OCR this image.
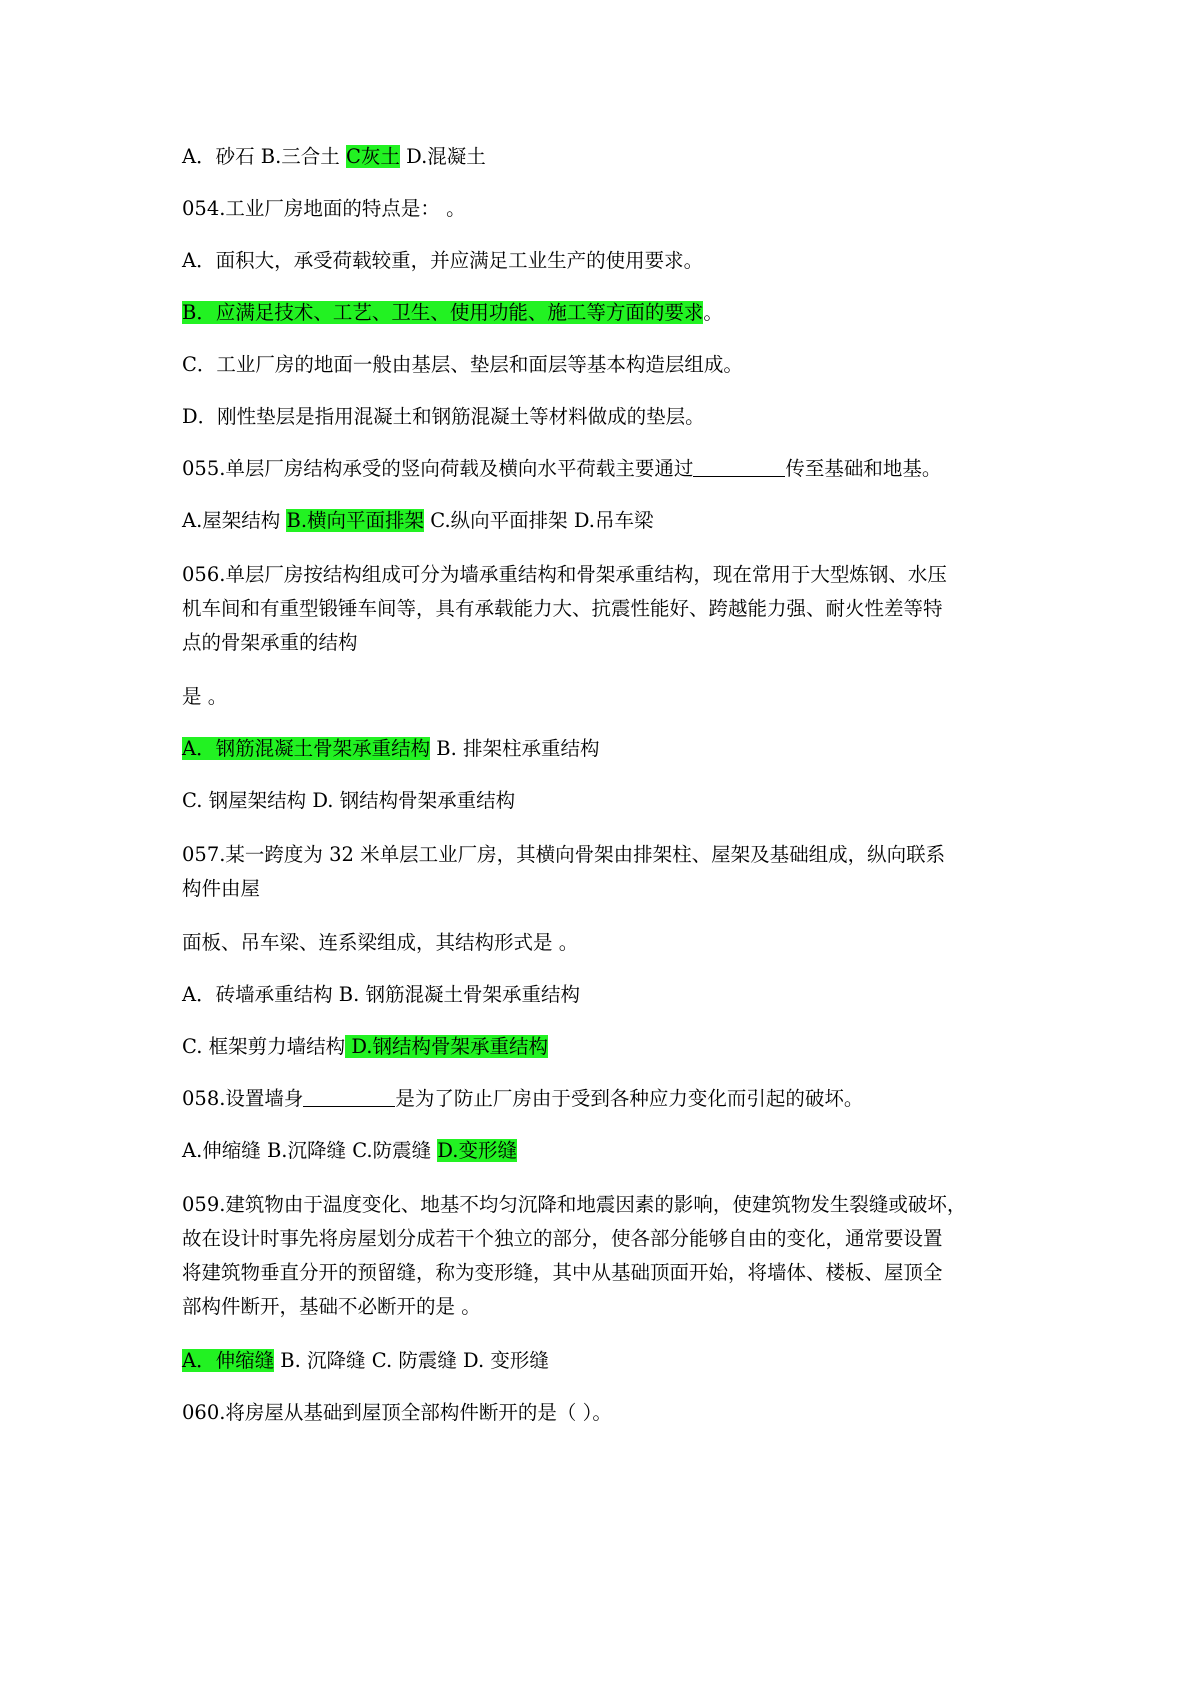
A．砂石 B.三合土 C灰土 D.混凝土
054.工业厂房地面的特点是： 。
A．面积大，承受荷载较重，并应满足工业生产的使用要求。
B．应满足技术、工艺、卫生、使用功能、施工等方面的要求。
C．工业厂房的地面一般由基层、垫层和面层等基本构造层组成。
D．刚性垫层是指用混凝土和钢筋混凝土等材料做成的垫层。
055.单层厂房结构承受的竖向荷载及横向水平荷载主要通过	传至基础和地基。
A.屋架结构 B.横向平面排架 C.纵向平面排架 D.吊车梁
056.单层厂房按结构组成可分为墙承重结构和骨架承重结构，现在常用于大型炼钢、水压
机车间和有重型锻锤车间等，具有承载能力大、抗震性能好、跨越能力强、耐火性差等特
点的骨架承重的结构
是 。
A．钢筋混凝土骨架承重结构 B. 排架柱承重结构
C. 钢屋架结构 D. 钢结构骨架承重结构
057.某一跨度为 32 米单层工业厂房，其横向骨架由排架柱、屋架及基础组成，纵向联系
构件由屋
面板、吊车梁、连系梁组成，其结构形式是 。
A．砖墙承重结构 B. 钢筋混凝土骨架承重结构
C. 框架剪力墙结构 D.钢结构骨架承重结构
058.设置墙身	是为了防止厂房由于受到各种应力变化而引起的破坏。
A.伸缩缝 B.沉降缝 C.防震缝 D.变形缝
059.建筑物由于温度变化、地基不均匀沉降和地震因素的影响，使建筑物发生裂缝或破坏，
故在设计时事先将房屋划分成若干个独立的部分，使各部分能够自由的变化，通常要设置
将建筑物垂直分开的预留缝，称为变形缝，其中从基础顶面开始，将墙体、楼板、屋顶全
部构件断开，基础不必断开的是 。
A．伸缩缝 B. 沉降缝 C. 防震缝 D. 变形缝
060.将房屋从基础到屋顶全部构件断开的是（ ）。
